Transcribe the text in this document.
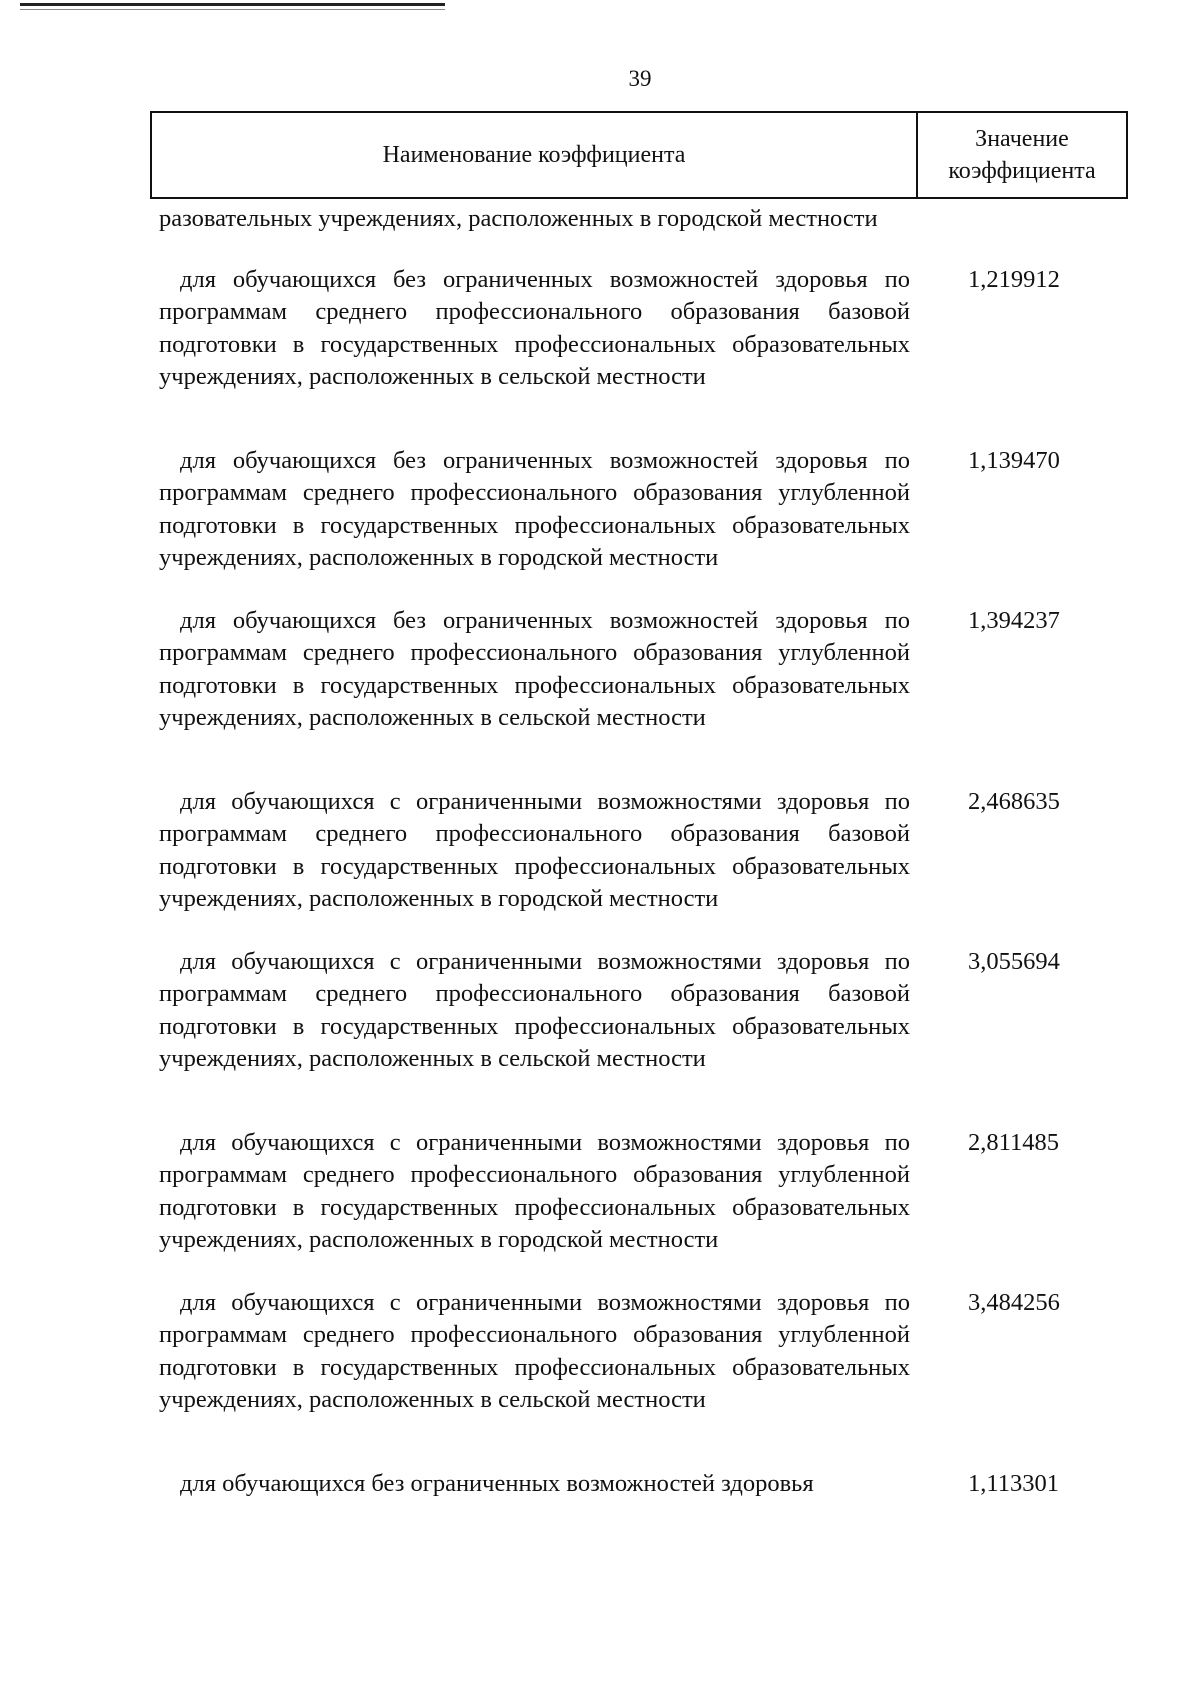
39
Наименование коэффициента
Значение
коэффициента
разовательных учреждениях, расположенных в городской местности
для обучающихся без ограниченных возможностей здоровья по программам среднего профессионального образования базовой подготовки в государственных профессиональных образовательных учреждениях, расположенных в сельской местности
1,219912
для обучающихся без ограниченных возможностей здоровья по программам среднего профессионального образования углубленной подготовки в государственных профессиональных образовательных учреждениях, расположенных в городской местности
1,139470
для обучающихся без ограниченных возможностей здоровья по программам среднего профессионального образования углубленной подготовки в государственных профессиональных образовательных учреждениях, расположенных в сельской местности
1,394237
для обучающихся с ограниченными возможностями здоровья по программам среднего профессионального образования базовой подготовки в государственных профессиональных образовательных учреждениях, расположенных в городской местности
2,468635
для обучающихся с ограниченными возможностями здоровья по программам среднего профессионального образования базовой подготовки в государственных профессиональных образовательных учреждениях, расположенных в сельской местности
3,055694
для обучающихся с ограниченными возможностями здоровья по программам среднего профессионального образования углубленной подготовки в государственных профессиональных образовательных учреждениях, расположенных в городской местности
2,811485
для обучающихся с ограниченными возможностями здоровья по программам среднего профессионального образования углубленной подготовки в государственных профессиональных образовательных учреждениях, расположенных в сельской местности
3,484256
для обучающихся без ограниченных возможностей здоровья	1,113301
